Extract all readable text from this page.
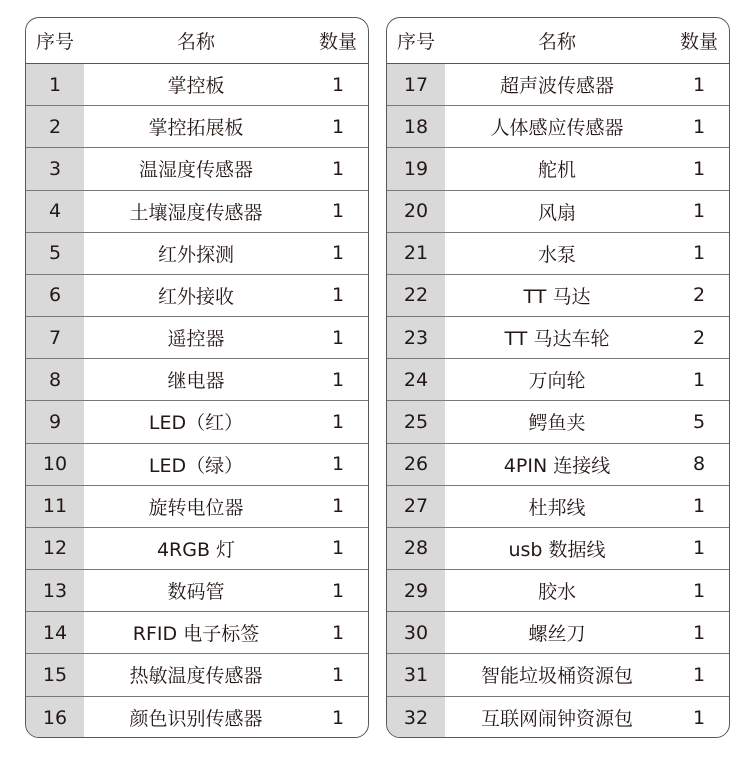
序号	名称	数量
1	掌控板	1
2	掌控拓展板	1
3	温湿度传感器	1
4	土壤湿度传感器	1
5	红外探测	1
6	红外接收	1
7	遥控器	1
8	继电器	1
9	LED（红）	1
10	LED（绿）	1
11	旋转电位器	1
12	4RGB 灯	1
13	数码管	1
14	RFID 电子标签	1
15	热敏温度传感器	1
16	颜色识别传感器	1
序号	名称	数量
17	超声波传感器	1
18	人体感应传感器	1
19	舵机	1
20	风扇	1
21	水泵	1
22	TT 马达	2
23	TT 马达车轮	2
24	万向轮	1
25	鳄鱼夹	5
26	4PIN 连接线	8
27	杜邦线	1
28	usb 数据线	1
29	胶水	1
30	螺丝刀	1
31	智能垃圾桶资源包	1
32	互联网闹钟资源包	1
